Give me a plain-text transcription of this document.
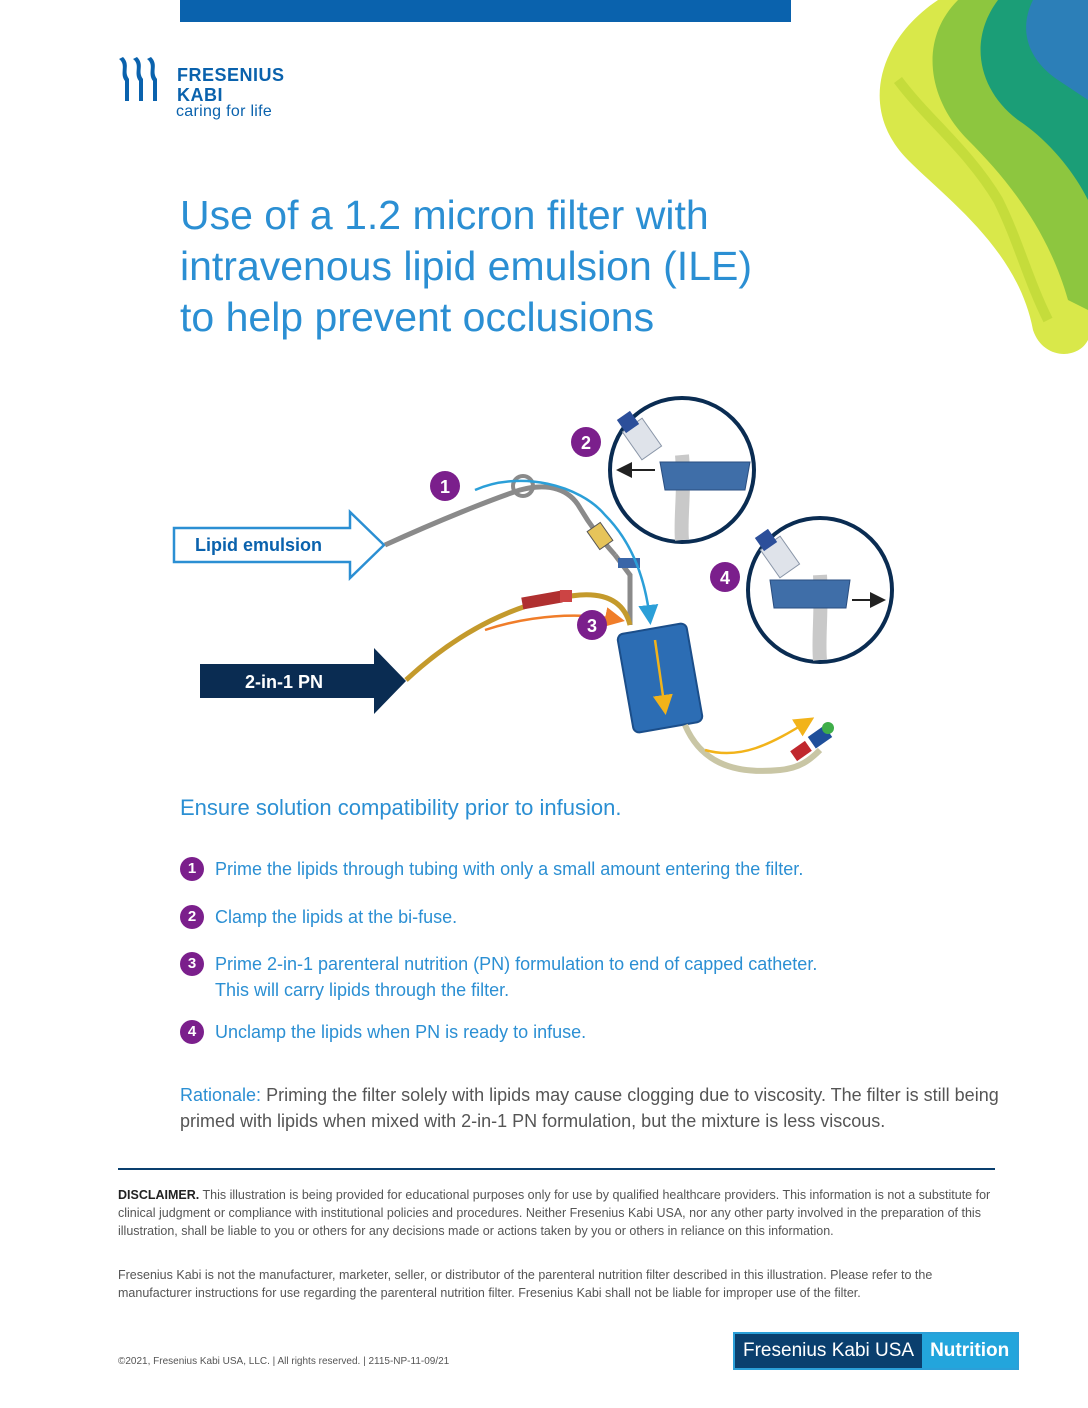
FRESENIUS
KABI
caring for life
Use of a 1.2 micron filter with
intravenous lipid emulsion (ILE)
to help prevent occlusions
Lipid emulsion
2-in-1 PN
1
2
3
4
Ensure solution compatibility prior to infusion.
1	Prime the lipids through tubing with only a small amount entering the filter.
2	Clamp the lipids at the bi-fuse.
3	Prime 2-in-1 parenteral nutrition (PN) formulation to end of capped catheter.
This will carry lipids through the filter.
4	Unclamp the lipids when PN is ready to infuse.
Rationale: Priming the filter solely with lipids may cause clogging due to viscosity. The filter is still being primed with lipids when mixed with 2-in-1 PN formulation, but the mixture is less viscous.
DISCLAIMER. This illustration is being provided for educational purposes only for use by qualified healthcare providers. This information is not a substitute for clinical judgment or compliance with institutional policies and procedures. Neither Fresenius Kabi USA, nor any other party involved in the preparation of this illustration, shall be liable to you or others for any decisions made or actions taken by you or others in reliance on this information.
Fresenius Kabi is not the manufacturer, marketer, seller, or distributor of the parenteral nutrition filter described in this illustration. Please refer to the manufacturer instructions for use regarding the parenteral nutrition filter. Fresenius Kabi shall not be liable for improper use of the filter.
©2021, Fresenius Kabi USA, LLC. | All rights reserved. | 2115-NP-11-09/21
Fresenius Kabi USA Nutrition
